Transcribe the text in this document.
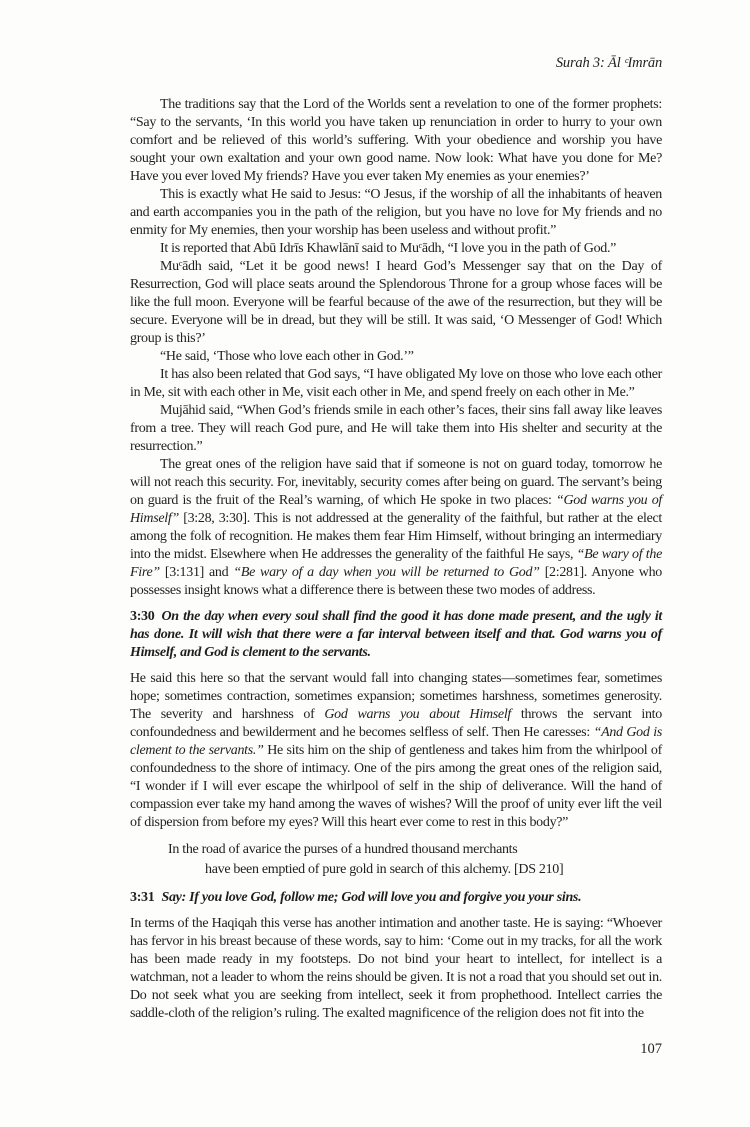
Surah 3: Āl ᶜImrān

The traditions say that the Lord of the Worlds sent a revelation to one of the former prophets: “Say to the servants, ‘In this world you have taken up renunciation in order to hurry to your own comfort and be relieved of this world’s suffering. With your obedience and worship you have sought your own exaltation and your own good name. Now look: What have you done for Me? Have you ever loved My friends? Have you ever taken My enemies as your enemies?’

This is exactly what He said to Jesus: “O Jesus, if the worship of all the inhabitants of heaven and earth accompanies you in the path of the religion, but you have no love for My friends and no enmity for My enemies, then your worship has been useless and without profit.”

It is reported that Abū Idrīs Khawlānī said to Muᶜādh, “I love you in the path of God.”

Muᶜādh said, “Let it be good news! I heard God’s Messenger say that on the Day of Resurrection, God will place seats around the Splendorous Throne for a group whose faces will be like the full moon. Everyone will be fearful because of the awe of the resurrection, but they will be secure. Everyone will be in dread, but they will be still. It was said, ‘O Messenger of God! Which group is this?’

“He said, ‘Those who love each other in God.’”

It has also been related that God says, “I have obligated My love on those who love each other in Me, sit with each other in Me, visit each other in Me, and spend freely on each other in Me.”

Mujāhid said, “When God’s friends smile in each other’s faces, their sins fall away like leaves from a tree. They will reach God pure, and He will take them into His shelter and security at the resurrection.”

The great ones of the religion have said that if someone is not on guard today, tomorrow he will not reach this security. For, inevitably, security comes after being on guard. The servant’s being on guard is the fruit of the Real’s warning, of which He spoke in two places: “God warns you of Himself” [3:28, 3:30]. This is not addressed at the generality of the faithful, but rather at the elect among the folk of recognition. He makes them fear Him Himself, without bringing an intermediary into the midst. Elsewhere when He addresses the generality of the faithful He says, “Be wary of the Fire” [3:131] and “Be wary of a day when you will be returned to God” [2:281]. Anyone who possesses insight knows what a difference there is between these two modes of address.

3:30 On the day when every soul shall find the good it has done made present, and the ugly it has done. It will wish that there were a far interval between itself and that. God warns you of Himself, and God is clement to the servants.

He said this here so that the servant would fall into changing states—sometimes fear, sometimes hope; sometimes contraction, sometimes expansion; sometimes harshness, sometimes generosity. The severity and harshness of God warns you about Himself throws the servant into confoundedness and bewilderment and he becomes selfless of self. Then He caresses: “And God is clement to the servants.” He sits him on the ship of gentleness and takes him from the whirlpool of confoundedness to the shore of intimacy. One of the pirs among the great ones of the religion said, “I wonder if I will ever escape the whirlpool of self in the ship of deliverance. Will the hand of compassion ever take my hand among the waves of wishes? Will the proof of unity ever lift the veil of dispersion from before my eyes? Will this heart ever come to rest in this body?”

In the road of avarice the purses of a hundred thousand merchants
have been emptied of pure gold in search of this alchemy. [DS 210]

3:31 Say: If you love God, follow me; God will love you and forgive you your sins.

In terms of the Haqiqah this verse has another intimation and another taste. He is saying: “Whoever has fervor in his breast because of these words, say to him: ‘Come out in my tracks, for all the work has been made ready in my footsteps. Do not bind your heart to intellect, for intellect is a watchman, not a leader to whom the reins should be given. It is not a road that you should set out in. Do not seek what you are seeking from intellect, seek it from prophethood. Intellect carries the saddle-cloth of the religion’s ruling. The exalted magnificence of the religion does not fit into the

107
